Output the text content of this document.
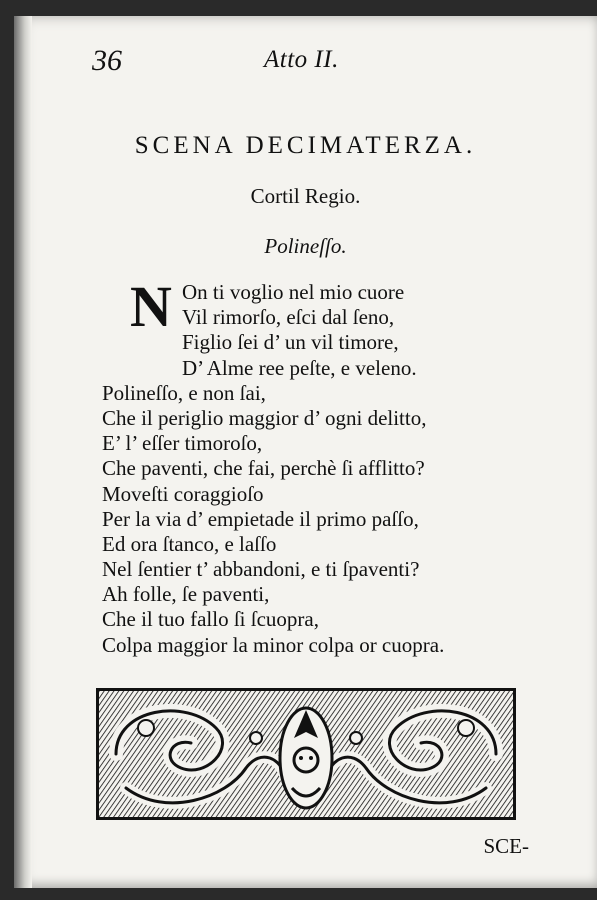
36	Atto II.
SCENA DECIMATERZA.
Cortil Regio.
Polineſſo.
N On ti voglio nel mio cuore
Vil rimorſo, eſci dal ſeno,
Figlio ſei d’ un vil timore,
D’ Alme ree peſte, e veleno.
Polineſſo, e non ſai,
Che il periglio maggior d’ ogni delitto,
E’ l’ eſſer timoroſo,
Che paventi, che fai, perchè ſi afflitto?
Moveſti coraggioſo
Per la via d’ empietade il primo paſſo,
Ed ora ſtanco, e laſſo
Nel ſentier t’ abbandoni, e ti ſpaventi?
Ah folle, ſe paventi,
Che il tuo fallo ſi ſcuopra,
Colpa maggior la minor colpa or cuopra.
SCE-
